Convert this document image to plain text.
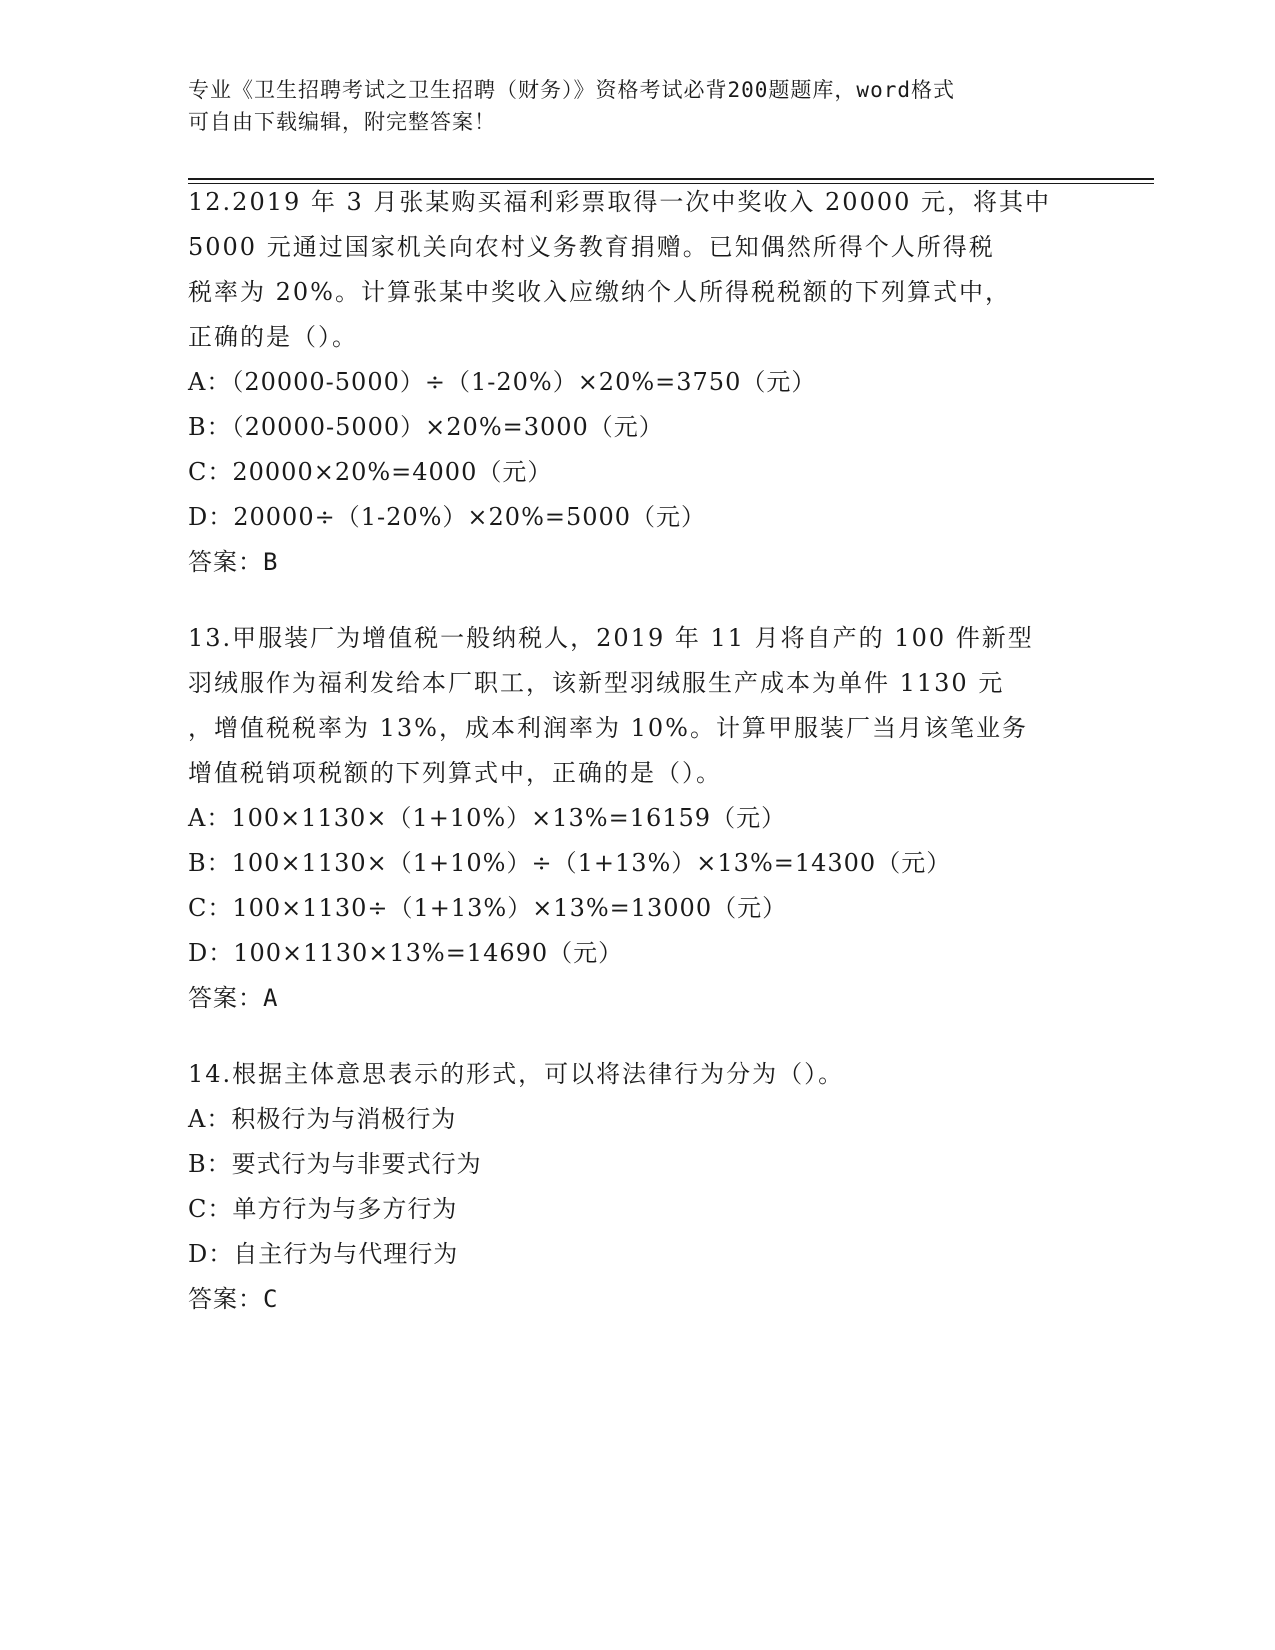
专业《卫生招聘考试之卫生招聘（财务）》资格考试必背200题题库，word格式
可自由下载编辑，附完整答案！
12.2019 年 3 月张某购买福利彩票取得一次中奖收入 20000 元，将其中
5000 元通过国家机关向农村义务教育捐赠。已知偶然所得个人所得税
税率为 20%。计算张某中奖收入应缴纳个人所得税税额的下列算式中，
正确的是（）。
A：（20000-5000）÷（1-20%）×20%=3750（元）
B：（20000-5000）×20%=3000（元）
C：20000×20%=4000（元）
D：20000÷（1-20%）×20%=5000（元）
答案：B
13.甲服装厂为增值税一般纳税人，2019 年 11 月将自产的 100 件新型
羽绒服作为福利发给本厂职工，该新型羽绒服生产成本为单件 1130 元
，增值税税率为 13%，成本利润率为 10%。计算甲服装厂当月该笔业务
增值税销项税额的下列算式中，正确的是（）。
A：100×1130×（1+10%）×13%=16159（元）
B：100×1130×（1+10%）÷（1+13%）×13%=14300（元）
C：100×1130÷（1+13%）×13%=13000（元）
D：100×1130×13%=14690（元）
答案：A
14.根据主体意思表示的形式，可以将法律行为分为（）。
A：积极行为与消极行为
B：要式行为与非要式行为
C：单方行为与多方行为
D：自主行为与代理行为
答案：C
